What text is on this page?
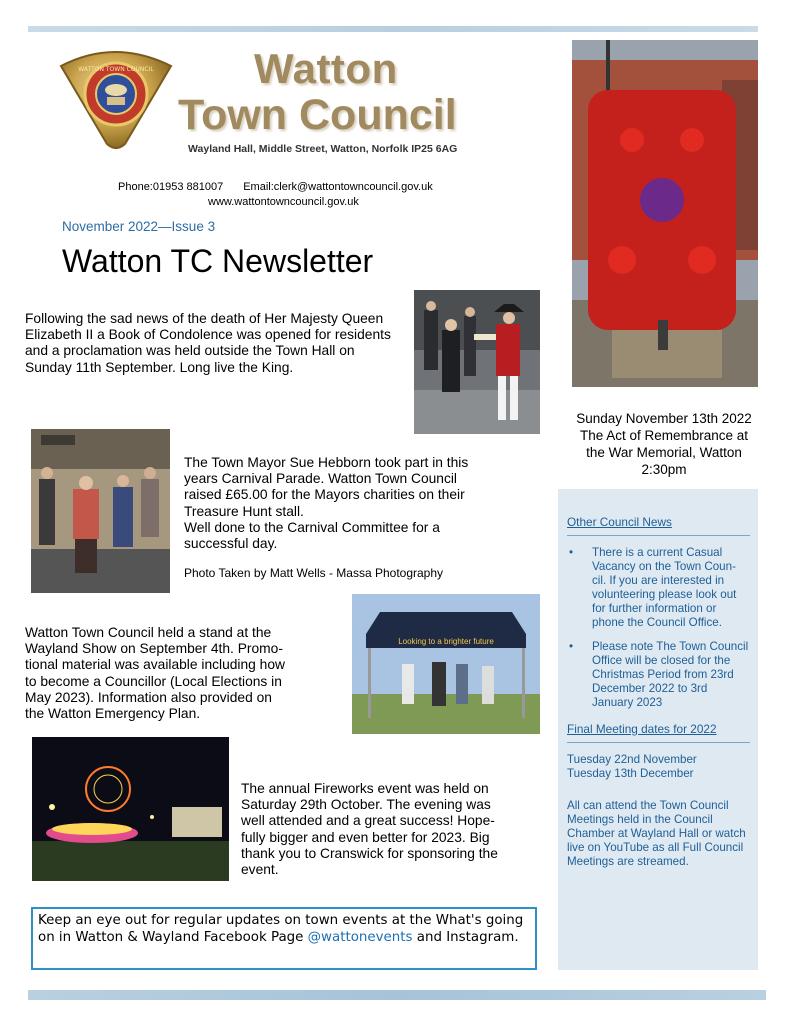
WATTON TOWN COUNCIL Watton
Town Council
Wayland Hall, Middle Street, Watton, Norfolk IP25 6AG
Phone:01953 881007 Email:clerk@wattontowncouncil.gov.uk
www.wattontowncouncil.gov.uk
November 2022—Issue 3
Watton TC Newsletter
Following the sad news of the death of Her Majesty Queen Elizabeth II a Book of Condolence was opened for residents and a proclamation was held outside the Town Hall on Sunday 11th September. Long live the King.
The Town Mayor Sue Hebborn took part in this
years Carnival Parade. Watton Town Council
raised £65.00 for the Mayors charities on their
Treasure Hunt stall.
Well done to the Carnival Committee for a
successful day.
Photo Taken by Matt Wells - Massa Photography
Watton Town Council held a stand at the
Wayland Show on September 4th. Promo-
tional material was available including how
to become a Councillor (Local Elections in
May 2023). Information also provided on
the Watton Emergency Plan.
Looking to a brighter future
The annual Fireworks event was held on
Saturday 29th October. The evening was
well attended and a great success! Hope-
fully bigger and even better for 2023. Big
thank you to Cranswick for sponsoring the
event.
Sunday November 13th 2022
The Act of Remembrance at
the War Memorial, Watton
2:30pm
Keep an eye out for regular updates on town events at the What's going on in Watton & Wayland Facebook Page @wattonevents and Instagram.
Other Council News
• There is a current Casual Vacancy on the Town Coun-cil. If you are interested in volunteering please look out for further information or phone the Council Office.
• Please note The Town Council Office will be closed for the Christmas Period from 23rd December 2022 to 3rd January 2023
Final Meeting dates for 2022
Tuesday 22nd November
Tuesday 13th December
All can attend the Town Council Meetings held in the Council Chamber at Wayland Hall or watch live on YouTube as all Full Council Meetings are streamed.
